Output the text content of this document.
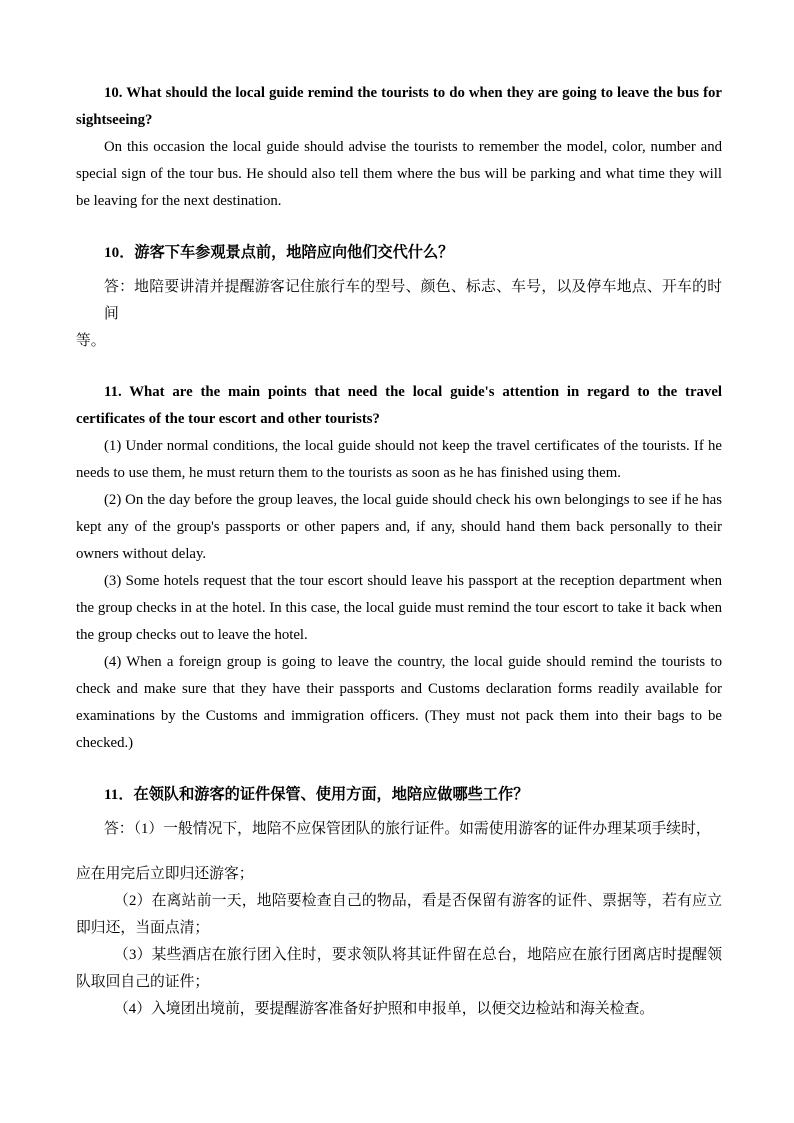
10. What should the local guide remind the tourists to do when they are going to leave the bus for sightseeing?

On this occasion the local guide should advise the tourists to remember the model, color, number and special sign of the tour bus. He should also tell them where the bus will be parking and what time they will be leaving for the next destination.

10．游客下车参观景点前，地陪应向他们交代什么？

答：地陪要讲清并提醒游客记住旅行车的型号、颜色、标志、车号，以及停车地点、开车的时间

等。

11. What are the main points that need the local guide's attention in regard to the travel certificates of the tour escort and other tourists?

(1) Under normal conditions, the local guide should not keep the travel certificates of the tourists. If he needs to use them, he must return them to the tourists as soon as he has finished using them.

(2) On the day before the group leaves, the local guide should check his own belongings to see if he has kept any of the group's passports or other papers and, if any, should hand them back personally to their owners without delay.

(3) Some hotels request that the tour escort should leave his passport at the reception department when the group checks in at the hotel. In this case, the local guide must remind the tour escort to take it back when the group checks out to leave the hotel.

(4) When a foreign group is going to leave the country, the local guide should remind the tourists to check and make sure that they have their passports and Customs declaration forms readily available for examinations by the Customs and immigration officers. (They must not pack them into their bags to be checked.)

11．在领队和游客的证件保管、使用方面，地陪应做哪些工作？

答：（1）一般情况下，地陪不应保管团队的旅行证件。如需使用游客的证件办理某项手续时，

应在用完后立即归还游客；

（2）在离站前一天，地陪要检查自己的物品，看是否保留有游客的证件、票据等，若有应立即归还，当面点清；

（3）某些酒店在旅行团入住时，要求领队将其证件留在总台，地陪应在旅行团离店时提醒领队取回自己的证件；

（4）入境团出境前，要提醒游客准备好护照和申报单，以便交边检站和海关检查。
